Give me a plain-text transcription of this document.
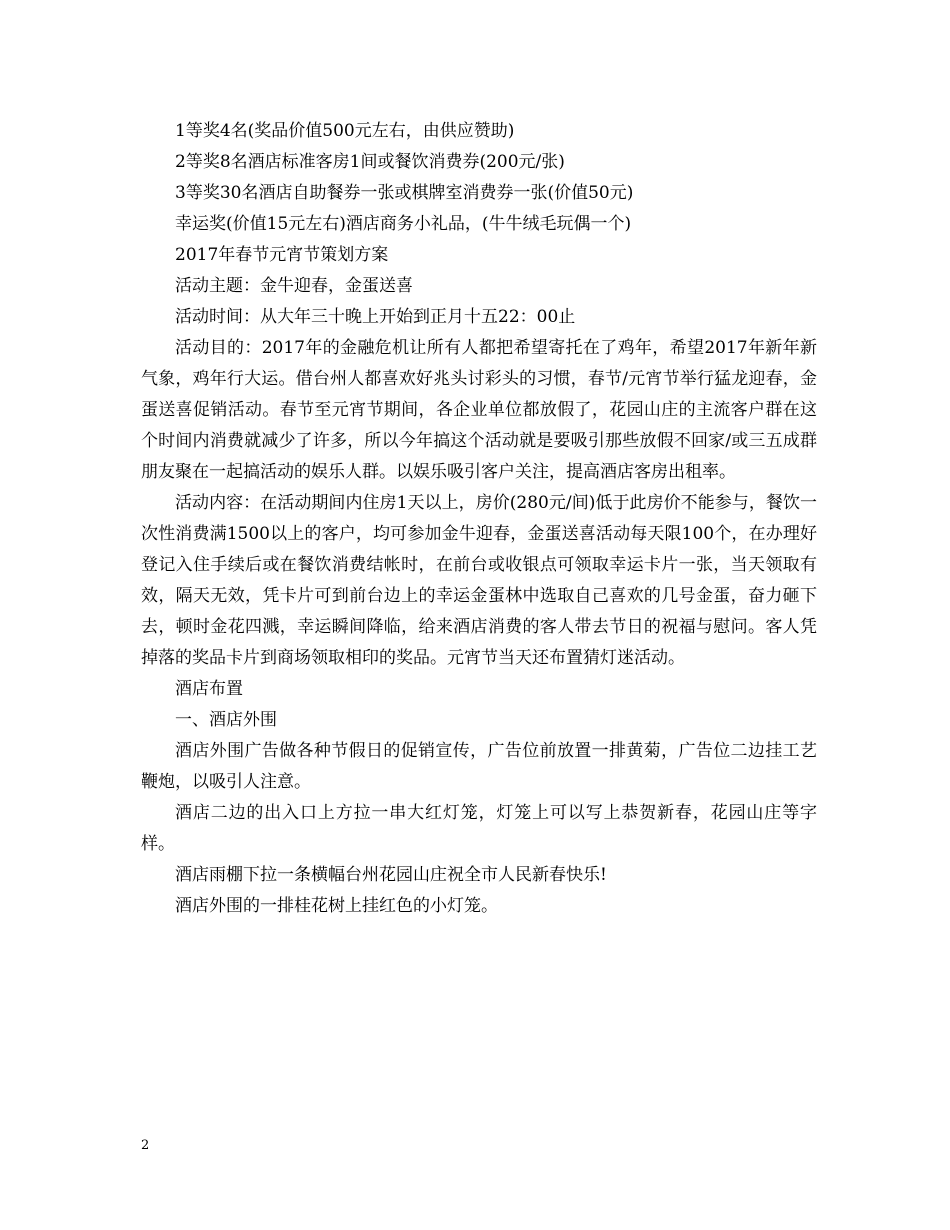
1等奖4名(奖品价值500元左右，由供应赞助)

2等奖8名酒店标准客房1间或餐饮消费券(200元/张)

3等奖30名酒店自助餐券一张或棋牌室消费券一张(价值50元)

幸运奖(价值15元左右)酒店商务小礼品，(牛牛绒毛玩偶一个)

2017年春节元宵节策划方案

活动主题：金牛迎春，金蛋送喜

活动时间：从大年三十晚上开始到正月十五22：00止

活动目的：2017年的金融危机让所有人都把希望寄托在了鸡年，希望2017年新年新气象，鸡年行大运。借台州人都喜欢好兆头讨彩头的习惯，春节/元宵节举行猛龙迎春，金蛋送喜促销活动。春节至元宵节期间，各企业单位都放假了，花园山庄的主流客户群在这个时间内消费就减少了许多，所以今年搞这个活动就是要吸引那些放假不回家/或三五成群朋友聚在一起搞活动的娱乐人群。以娱乐吸引客户关注，提高酒店客房出租率。

活动内容：在活动期间内住房1天以上，房价(280元/间)低于此房价不能参与，餐饮一次性消费满1500以上的客户，均可参加金牛迎春，金蛋送喜活动每天限100个，在办理好登记入住手续后或在餐饮消费结帐时，在前台或收银点可领取幸运卡片一张，当天领取有效，隔天无效，凭卡片可到前台边上的幸运金蛋林中选取自己喜欢的几号金蛋，奋力砸下去，顿时金花四溅，幸运瞬间降临，给来酒店消费的客人带去节日的祝福与慰问。客人凭掉落的奖品卡片到商场领取相印的奖品。元宵节当天还布置猜灯迷活动。

酒店布置

一、酒店外围

酒店外围广告做各种节假日的促销宣传，广告位前放置一排黄菊，广告位二边挂工艺鞭炮，以吸引人注意。

酒店二边的出入口上方拉一串大红灯笼，灯笼上可以写上恭贺新春，花园山庄等字样。

酒店雨棚下拉一条横幅台州花园山庄祝全市人民新春快乐!

酒店外围的一排桂花树上挂红色的小灯笼。

2
